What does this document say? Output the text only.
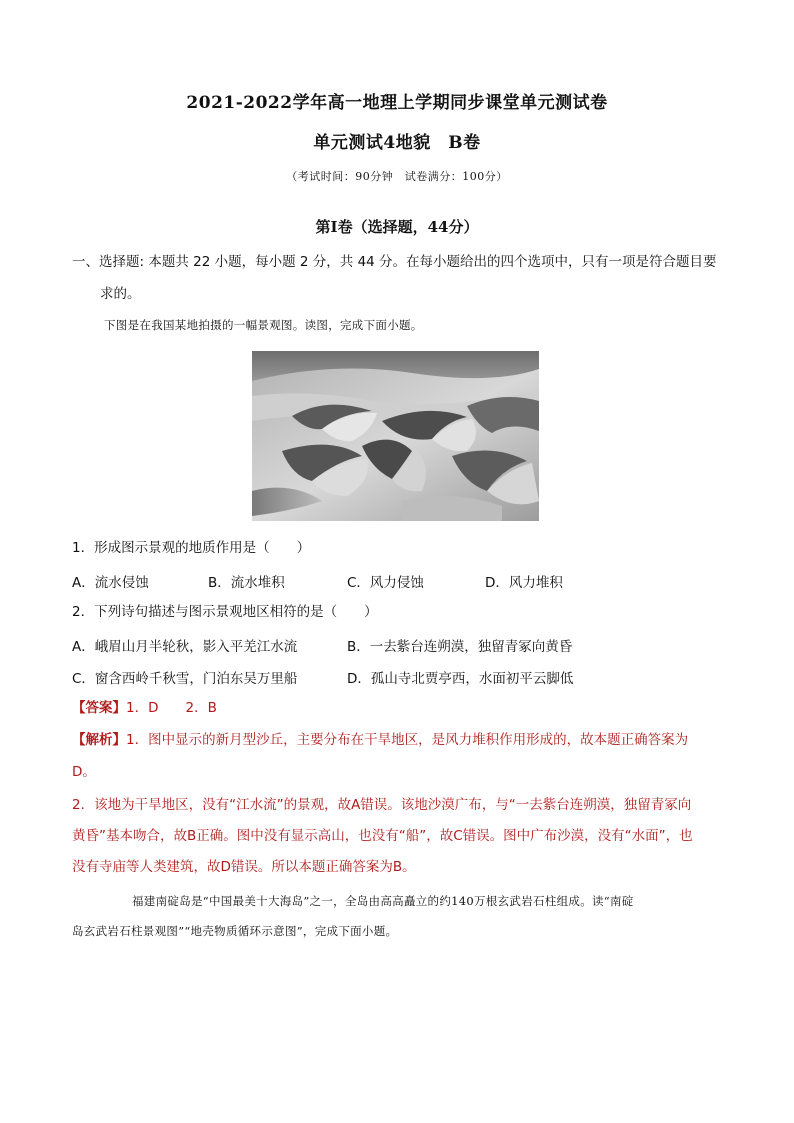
2021-2022学年高一地理上学期同步课堂单元测试卷
单元测试4地貌　B卷
（考试时间：90分钟　试卷满分：100分）
第Ⅰ卷（选择题，44分）
一、选择题: 本题共 22 小题，每小题 2 分，共 44 分。在每小题给出的四个选项中，只有一项是符合题目要
求的。
下图是在我国某地拍摄的一幅景观图。读图，完成下面小题。
1．形成图示景观的地质作用是（　　）
A．流水侵蚀	B．流水堆积	C．风力侵蚀	D．风力堆积
2．下列诗句描述与图示景观地区相符的是（　　）
A．峨眉山月半轮秋，影入平羌江水流	B．一去紫台连朔漠，独留青冢向黄昏
C．窗含西岭千秋雪，门泊东吴万里船	D．孤山寺北贾亭西，水面初平云脚低
【答案】1．D　　2．B
【解析】1．图中显示的新月型沙丘，主要分布在干旱地区，是风力堆积作用形成的，故本题正确答案为
D。
2．该地为干旱地区，没有“江水流”的景观，故A错误。该地沙漠广布，与“一去紫台连朔漠，独留青冢向
黄昏”基本吻合，故B正确。图中没有显示高山，也没有“船”，故C错误。图中广布沙漠，没有“水面”，也
没有寺庙等人类建筑，故D错误。所以本题正确答案为B。
福建南碇岛是“中国最美十大海岛”之一，全岛由高高矗立的约140万根玄武岩石柱组成。读“南碇
岛玄武岩石柱景观图”“地壳物质循环示意图”，完成下面小题。
